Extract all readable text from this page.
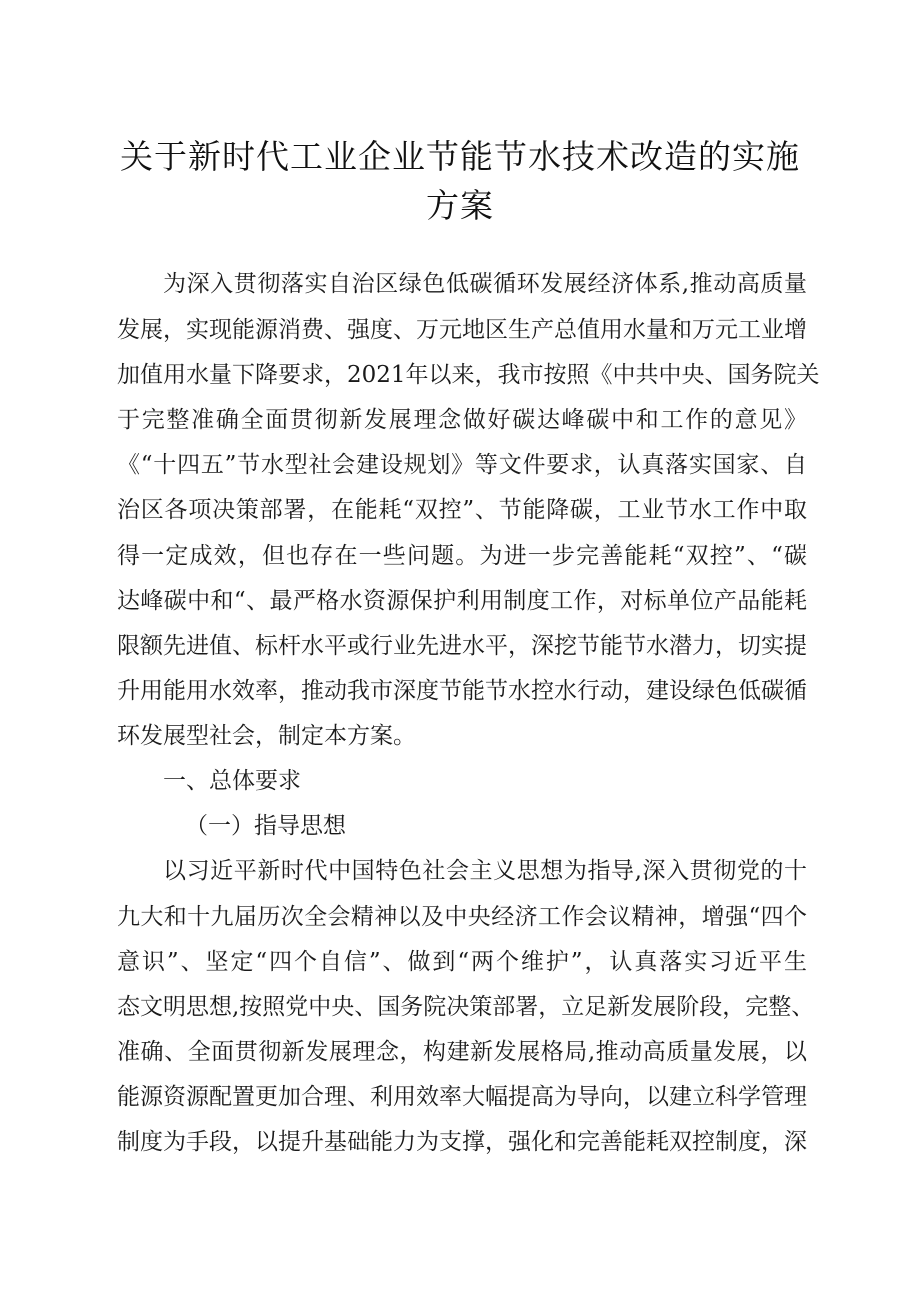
关于新时代工业企业节能节水技术改造的实施
方案
为深入贯彻落实自治区绿色低碳循环发展经济体系,推动高质量
发展，实现能源消费、强度、万元地区生产总值用水量和万元工业增
加值用水量下降要求，2021年以来，我市按照《中共中央、国务院关
于完整准确全面贯彻新发展理念做好碳达峰碳中和工作的意见》
《“十四五”节水型社会建设规划》等文件要求，认真落实国家、自
治区各项决策部署，在能耗“双控”、节能降碳，工业节水工作中取
得一定成效，但也存在一些问题。为进一步完善能耗“双控”、“碳
达峰碳中和“、最严格水资源保护利用制度工作，对标单位产品能耗
限额先进值、标杆水平或行业先进水平，深挖节能节水潜力，切实提
升用能用水效率，推动我市深度节能节水控水行动，建设绿色低碳循
环发展型社会，制定本方案。
一、总体要求
（一）指导思想
以习近平新时代中国特色社会主义思想为指导,深入贯彻党的十
九大和十九届历次全会精神以及中央经济工作会议精神，增强“四个
意识”、坚定“四个自信”、做到“两个维护”，认真落实习近平生
态文明思想,按照党中央、国务院决策部署，立足新发展阶段，完整、
准确、全面贯彻新发展理念，构建新发展格局,推动高质量发展，以
能源资源配置更加合理、利用效率大幅提高为导向，以建立科学管理
制度为手段，以提升基础能力为支撑，强化和完善能耗双控制度，深
